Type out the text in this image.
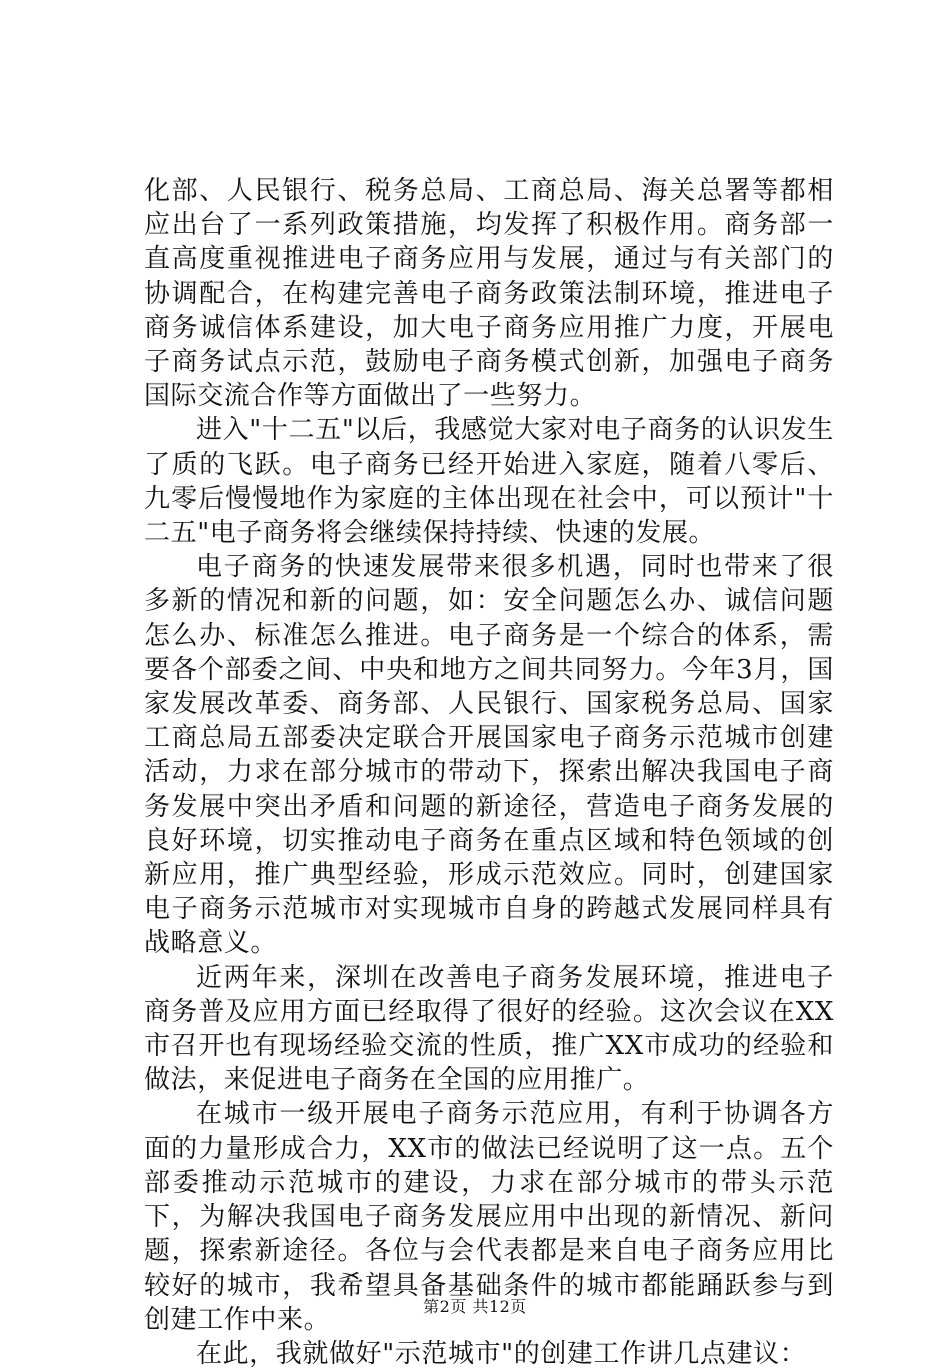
化部、人民银行、税务总局、工商总局、海关总署等都相应出台了一系列政策措施，均发挥了积极作用。商务部一直高度重视推进电子商务应用与发展，通过与有关部门的协调配合，在构建完善电子商务政策法制环境，推进电子商务诚信体系建设，加大电子商务应用推广力度，开展电子商务试点示范，鼓励电子商务模式创新，加强电子商务国际交流合作等方面做出了一些努力。

进入"十二五"以后，我感觉大家对电子商务的认识发生了质的飞跃。电子商务已经开始进入家庭，随着八零后、九零后慢慢地作为家庭的主体出现在社会中，可以预计"十二五"电子商务将会继续保持持续、快速的发展。

电子商务的快速发展带来很多机遇，同时也带来了很多新的情况和新的问题，如：安全问题怎么办、诚信问题怎么办、标准怎么推进。电子商务是一个综合的体系，需要各个部委之间、中央和地方之间共同努力。今年3月，国家发展改革委、商务部、人民银行、国家税务总局、国家工商总局五部委决定联合开展国家电子商务示范城市创建活动，力求在部分城市的带动下，探索出解决我国电子商务发展中突出矛盾和问题的新途径，营造电子商务发展的良好环境，切实推动电子商务在重点区域和特色领域的创新应用，推广典型经验，形成示范效应。同时，创建国家电子商务示范城市对实现城市自身的跨越式发展同样具有战略意义。

近两年来，深圳在改善电子商务发展环境，推进电子商务普及应用方面已经取得了很好的经验。这次会议在XX市召开也有现场经验交流的性质，推广XX市成功的经验和做法，来促进电子商务在全国的应用推广。

在城市一级开展电子商务示范应用，有利于协调各方面的力量形成合力，XX市的做法已经说明了这一点。五个部委推动示范城市的建设，力求在部分城市的带头示范下，为解决我国电子商务发展应用中出现的新情况、新问题，探索新途径。各位与会代表都是来自电子商务应用比较好的城市，我希望具备基础条件的城市都能踊跃参与到创建工作中来。

在此，我就做好"示范城市"的创建工作讲几点建议：

第2页 共12页
